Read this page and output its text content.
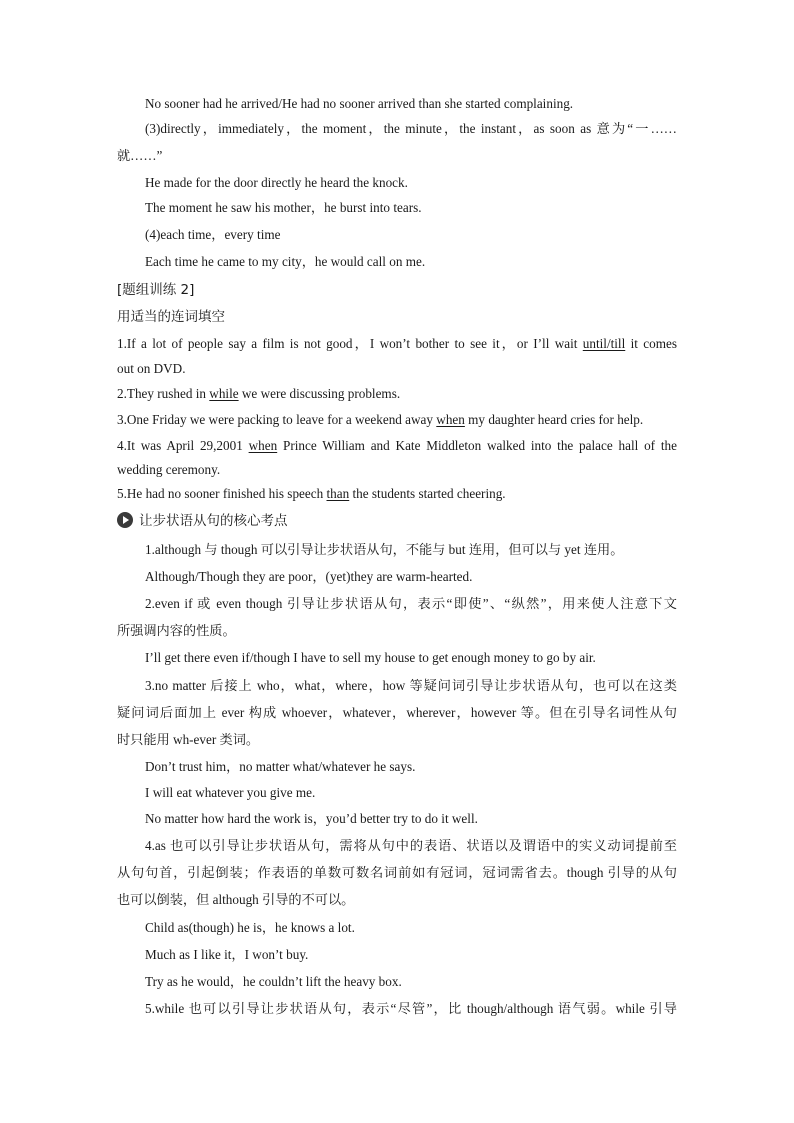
No sooner had he arrived/He had no sooner arrived than she started complaining.
(3)directly，immediately，the moment，the minute，the instant，as soon as 意为“一……
就……”
He made for the door directly he heard the knock.
The moment he saw his mother，he burst into tears.
(4)each time，every time
Each time he came to my city，he would call on me.
[题组训练 2]
用适当的连词填空
1.If a lot of people say a film is not good，I won’t bother to see it，or I’ll wait until/till it comes
out on DVD.
2.They rushed in while we were discussing problems.
3.One Friday we were packing to leave for a weekend away when my daughter heard cries for help.
4.It was April 29,2001 when Prince William and Kate Middleton walked into the palace hall of the
wedding ceremony.
5.He had no sooner finished his speech than the students started cheering.
让步状语从句的核心考点
1.although 与 though 可以引导让步状语从句，不能与 but 连用，但可以与 yet 连用。
Although/Though they are poor，(yet)they are warm-hearted.
2.even if 或 even though 引导让步状语从句，表示“即使”、“纵然”，用来使人注意下文
所强调内容的性质。
I’ll get there even if/though I have to sell my house to get enough money to go by air.
3.no matter 后接上 who，what，where，how 等疑问词引导让步状语从句，也可以在这类
疑问词后面加上 ever 构成 whoever，whatever，wherever，however 等。但在引导名词性从句
时只能用 wh-ever 类词。
Don’t trust him，no matter what/whatever he says.
I will eat whatever you give me.
No matter how hard the work is，you’d better try to do it well.
4.as 也可以引导让步状语从句，需将从句中的表语、状语以及谓语中的实义动词提前至
从句句首，引起倒装；作表语的单数可数名词前如有冠词，冠词需省去。though 引导的从句
也可以倒装，但 although 引导的不可以。
Child as(though) he is，he knows a lot.
Much as I like it，I won’t buy.
Try as he would，he couldn’t lift the heavy box.
5.while 也可以引导让步状语从句，表示“尽管”，比 though/although 语气弱。while 引导
